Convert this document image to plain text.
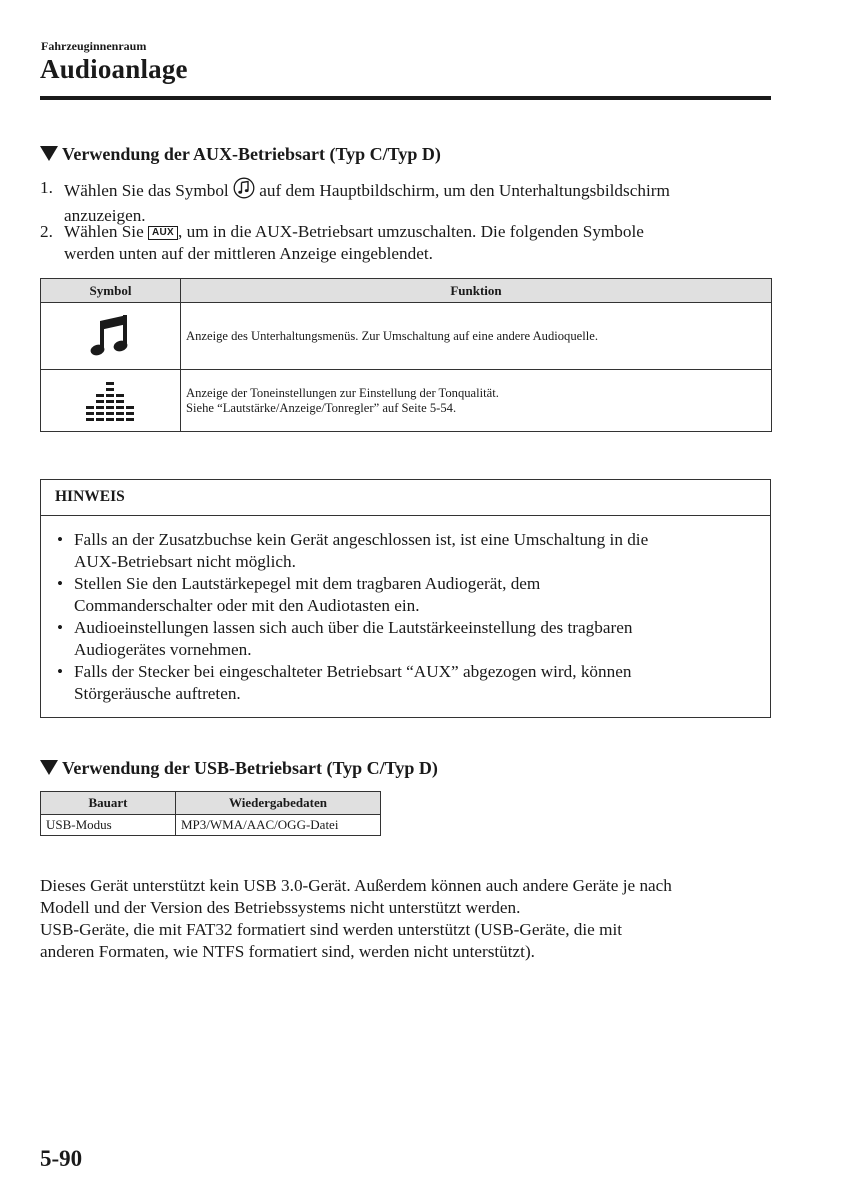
Fahrzeuginnenraum
Audioanlage
Verwendung der AUX-Betriebsart (Typ C/Typ D)
1. Wählen Sie das Symbol auf dem Hauptbildschirm, um den Unterhaltungsbildschirm
anzuzeigen.
2. Wählen Sie AUX , um in die AUX-Betriebsart umzuschalten. Die folgenden Symbole
werden unten auf der mittleren Anzeige eingeblendet.
Symbol	Funktion

	Anzeige des Unterhaltungsmenüs. Zur Umschaltung auf eine andere Audioquelle.

	Anzeige der Toneinstellungen zur Einstellung der Tonqualität.
Siehe “Lautstärke/Anzeige/Tonregler” auf Seite 5-54.
HINWEIS
• Falls an der Zusatzbuchse kein Gerät angeschlossen ist, ist eine Umschaltung in die
AUX-Betriebsart nicht möglich.
• Stellen Sie den Lautstärkepegel mit dem tragbaren Audiogerät, dem
Commanderschalter oder mit den Audiotasten ein.
• Audioeinstellungen lassen sich auch über die Lautstärkeeinstellung des tragbaren
Audiogerätes vornehmen.
• Falls der Stecker bei eingeschalteter Betriebsart “AUX” abgezogen wird, können
Störgeräusche auftreten.
Verwendung der USB-Betriebsart (Typ C/Typ D)
Bauart	Wiedergabedaten
USB-Modus	MP3/WMA/AAC/OGG-Datei
Dieses Gerät unterstützt kein USB 3.0-Gerät. Außerdem können auch andere Geräte je nach
Modell und der Version des Betriebssystems nicht unterstützt werden.
USB-Geräte, die mit FAT32 formatiert sind werden unterstützt (USB-Geräte, die mit
anderen Formaten, wie NTFS formatiert sind, werden nicht unterstützt).
5-90
